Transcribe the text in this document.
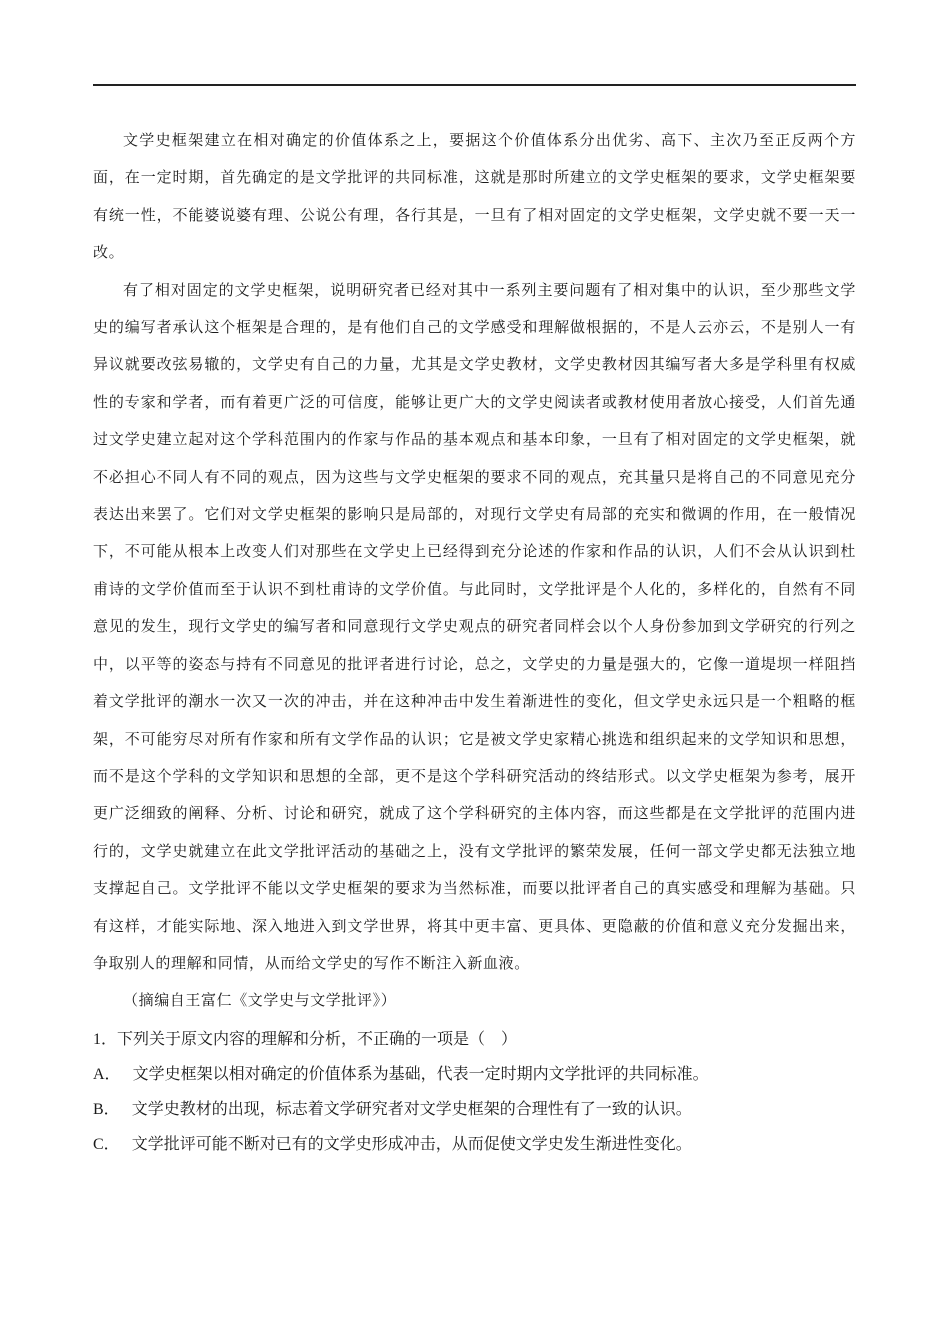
文学史框架建立在相对确定的价值体系之上，要据这个价值体系分出优劣、高下、主次乃至正反两个方面，在一定时期，首先确定的是文学批评的共同标准，这就是那时所建立的文学史框架的要求，文学史框架要有统一性，不能婆说婆有理、公说公有理，各行其是，一旦有了相对固定的文学史框架，文学史就不要一天一改。

有了相对固定的文学史框架，说明研究者已经对其中一系列主要问题有了相对集中的认识，至少那些文学史的编写者承认这个框架是合理的，是有他们自己的文学感受和理解做根据的，不是人云亦云，不是别人一有异议就要改弦易辙的，文学史有自己的力量，尤其是文学史教材，文学史教材因其编写者大多是学科里有权威性的专家和学者，而有着更广泛的可信度，能够让更广大的文学史阅读者或教材使用者放心接受，人们首先通过文学史建立起对这个学科范围内的作家与作品的基本观点和基本印象，一旦有了相对固定的文学史框架，就不必担心不同人有不同的观点，因为这些与文学史框架的要求不同的观点，充其量只是将自己的不同意见充分表达出来罢了。它们对文学史框架的影响只是局部的，对现行文学史有局部的充实和微调的作用，在一般情况下，不可能从根本上改变人们对那些在文学史上已经得到充分论述的作家和作品的认识，人们不会从认识到杜甫诗的文学价值而至于认识不到杜甫诗的文学价值。与此同时，文学批评是个人化的，多样化的，自然有不同意见的发生，现行文学史的编写者和同意现行文学史观点的研究者同样会以个人身份参加到文学研究的行列之中，以平等的姿态与持有不同意见的批评者进行讨论，总之，文学史的力量是强大的，它像一道堤坝一样阻挡着文学批评的潮水一次又一次的冲击，并在这种冲击中发生着渐进性的变化，但文学史永远只是一个粗略的框架，不可能穷尽对所有作家和所有文学作品的认识；它是被文学史家精心挑选和组织起来的文学知识和思想，而不是这个学科的文学知识和思想的全部，更不是这个学科研究活动的终结形式。以文学史框架为参考，展开更广泛细致的阐释、分析、讨论和研究，就成了这个学科研究的主体内容，而这些都是在文学批评的范围内进行的，文学史就建立在此文学批评活动的基础之上，没有文学批评的繁荣发展，任何一部文学史都无法独立地支撑起自己。文学批评不能以文学史框架的要求为当然标准，而要以批评者自己的真实感受和理解为基础。只有这样，才能实际地、深入地进入到文学世界，将其中更丰富、更具体、更隐蔽的价值和意义充分发掘出来，争取别人的理解和同情，从而给文学史的写作不断注入新血液。

（摘编自王富仁《文学史与文学批评》）

1．下列关于原文内容的理解和分析，不正确的一项是（　）
A． 文学史框架以相对确定的价值体系为基础，代表一定时期内文学批评的共同标准。
B． 文学史教材的出现，标志着文学研究者对文学史框架的合理性有了一致的认识。
C． 文学批评可能不断对已有的文学史形成冲击，从而促使文学史发生渐进性变化。
